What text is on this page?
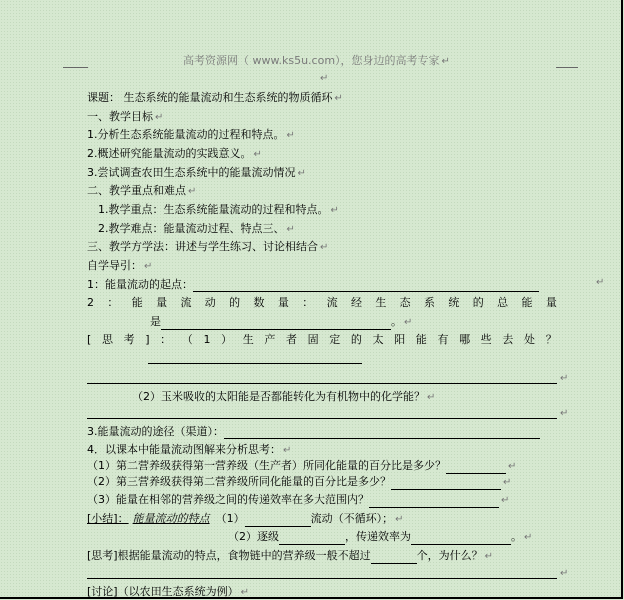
高考资源网（ www.ks5u.com），您身边的高考专家 ↵
↵
课题： 生态系统的能量流动和生态系统的物质循环 ↵
一、教学目标 ↵
1.分析生态系统能量流动的过程和特点。 ↵
2.概述研究能量流动的实践意义。 ↵
3.尝试调查农田生态系统中的能量流动情况 ↵
二、教学重点和难点 ↵
1.教学重点：生态系统能量流动的过程和特点。 ↵
2.教学难点：能量流动过程、特点三、 ↵
三、教学方学法：讲述与学生练习、讨论相结合 ↵
自学导引： ↵
1：能量流动的起点：	↵
2 ： 能 量 流 动 的 数 量 ： 流 经 生 态 系 统 的 总 能 量
是	。 ↵
[ 思 考 ] ： （ 1 ） 生 产 者 固 定 的 太 阳 能 有 哪 些 去 处 ？
↵
（2）玉米吸收的太阳能是否都能转化为有机物中的化学能？ ↵
↵
3.能量流动的途径（渠道）：
4．以课本中能量流动图解来分析思考： ↵
（1）第二营养级获得第一营养级（生产者）所同化能量的百分比是多少？	↵
（2）第三营养级获得第二营养级所同化能量的百分比是多少？	↵
（3）能量在相邻的营养级之间的传递效率在多大范围内？	↵
[小结]： 能量流动的特点 （1）	流动（不循环）； ↵
（2）逐级	，传递效率为	。 ↵
[思考]根据能量流动的特点，食物链中的营养级一般不超过	个，为什么？ ↵
↵
[讨论]（以农田生态系统为例） ↵
